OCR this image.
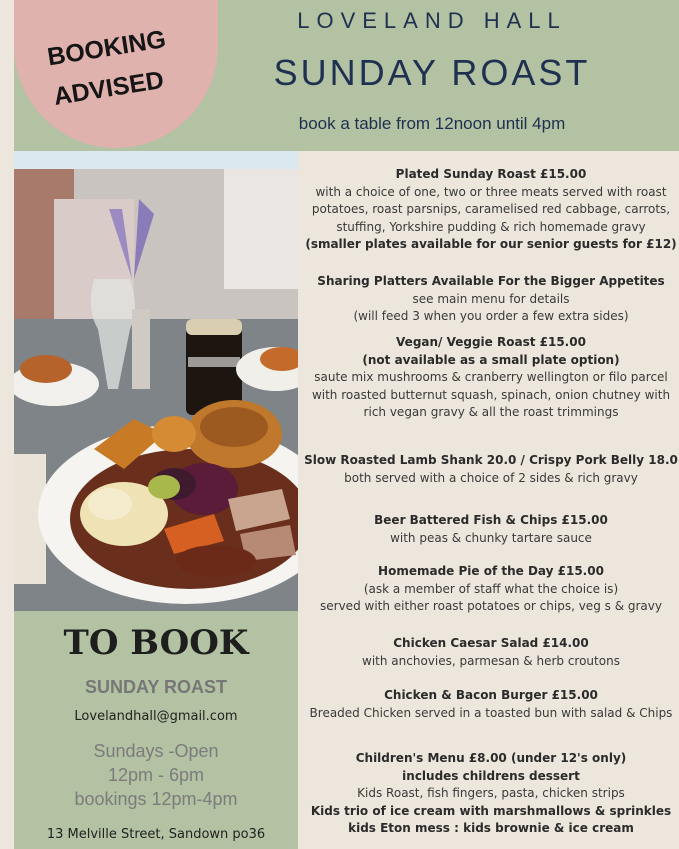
LOVELAND HALL
SUNDAY ROAST
book a table from 12noon until 4pm
BOOKING
ADVISED
TO BOOK
SUNDAY ROAST
Lovelandhall@gmail.com
Sundays -Open
12pm - 6pm
bookings 12pm-4pm
13 Melville Street, Sandown po36
Plated Sunday Roast £15.00
with a choice of one, two or three meats served with roast
potatoes, roast parsnips, caramelised red cabbage, carrots,
stuffing, Yorkshire pudding & rich homemade gravy
(smaller plates available for our senior guests for £12)
Sharing Platters Available For the Bigger Appetites
see main menu for details
(will feed 3 when you order a few extra sides)
Vegan/ Veggie Roast £15.00
(not available as a small plate option)
saute mix mushrooms & cranberry wellington or filo parcel
with roasted butternut squash, spinach, onion chutney with
rich vegan gravy & all the roast trimmings
Slow Roasted Lamb Shank 20.0 / Crispy Pork Belly 18.0
both served with a choice of 2 sides & rich gravy
Beer Battered Fish & Chips £15.00
with peas & chunky tartare sauce
Homemade Pie of the Day £15.00
(ask a member of staff what the choice is)
served with either roast potatoes or chips, veg s & gravy
Chicken Caesar Salad £14.00
with anchovies, parmesan & herb croutons
Chicken & Bacon Burger £15.00
Breaded Chicken served in a toasted bun with salad & Chips
Children's Menu £8.00 (under 12's only)
includes childrens dessert
Kids Roast, fish fingers, pasta, chicken strips
Kids trio of ice cream with marshmallows & sprinkles
kids Eton mess : kids brownie & ice cream
